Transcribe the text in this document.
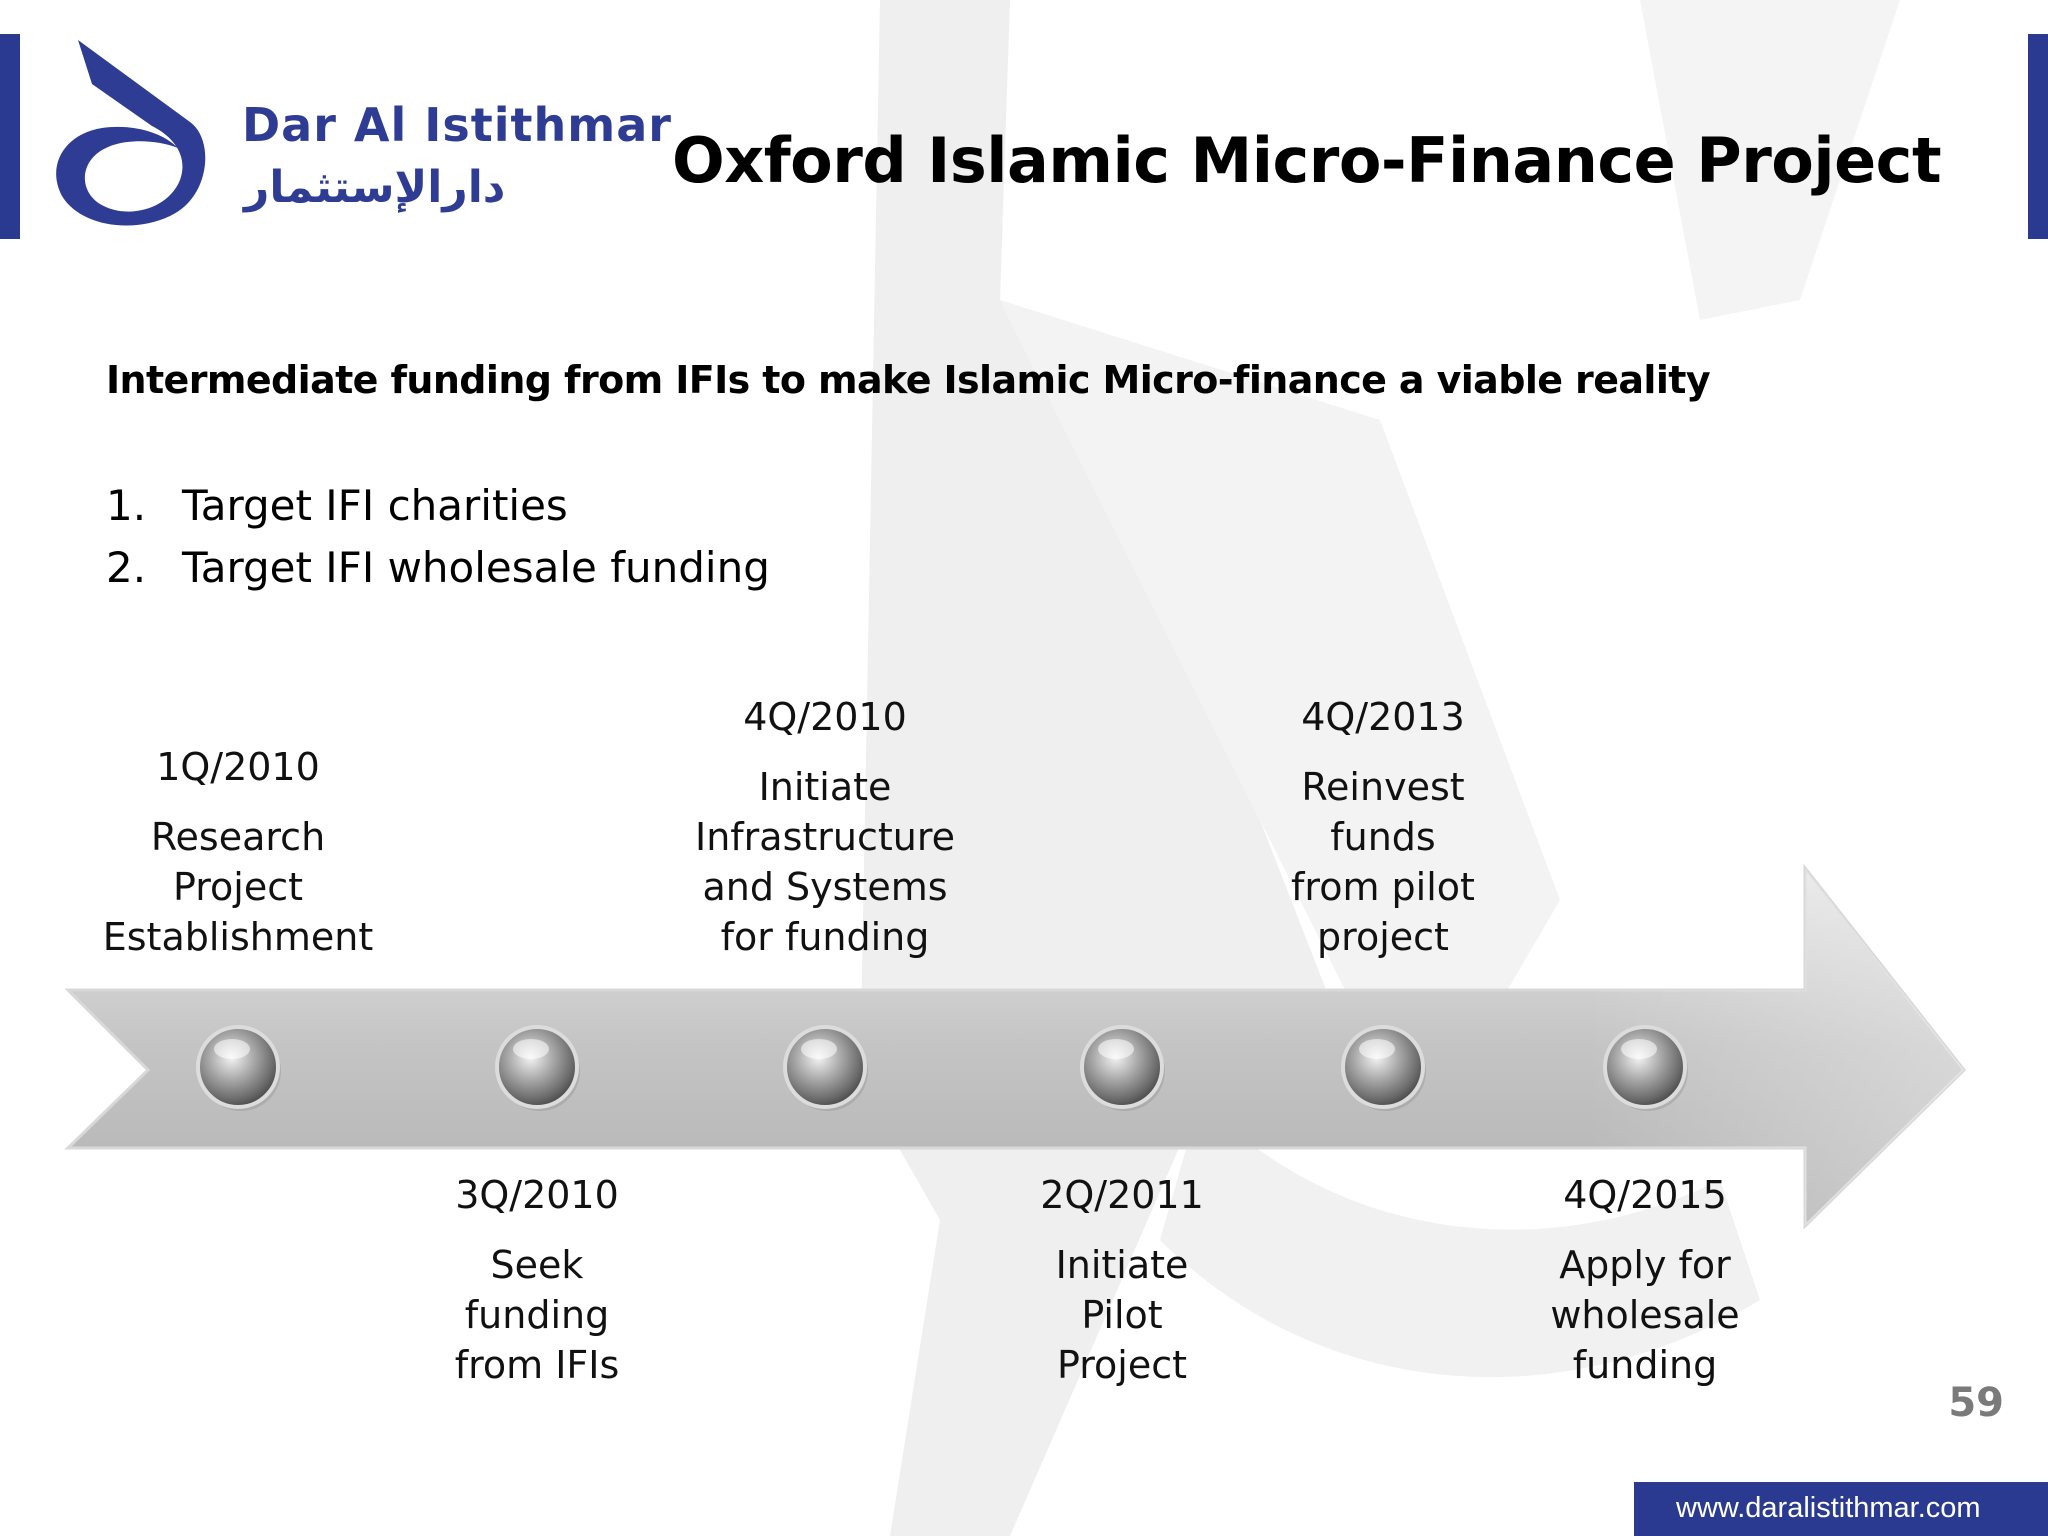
Dar Al Istithmar

دارالإستثمار	Oxford Islamic Micro-Finance Project

Intermediate funding from IFIs to make Islamic Micro-finance a viable reality

1. Target IFI charities
2. Target IFI wholesale funding
1Q/2010
Research
Project
Establishment
3Q/2010
Seek
funding
from IFIs
4Q/2010
Initiate
Infrastructure
and Systems
for funding
2Q/2011
Initiate
Pilot
Project
4Q/2013
Reinvest
funds
from pilot
project
4Q/2015
Apply for
wholesale
funding
59

www.daralistithmar.com
